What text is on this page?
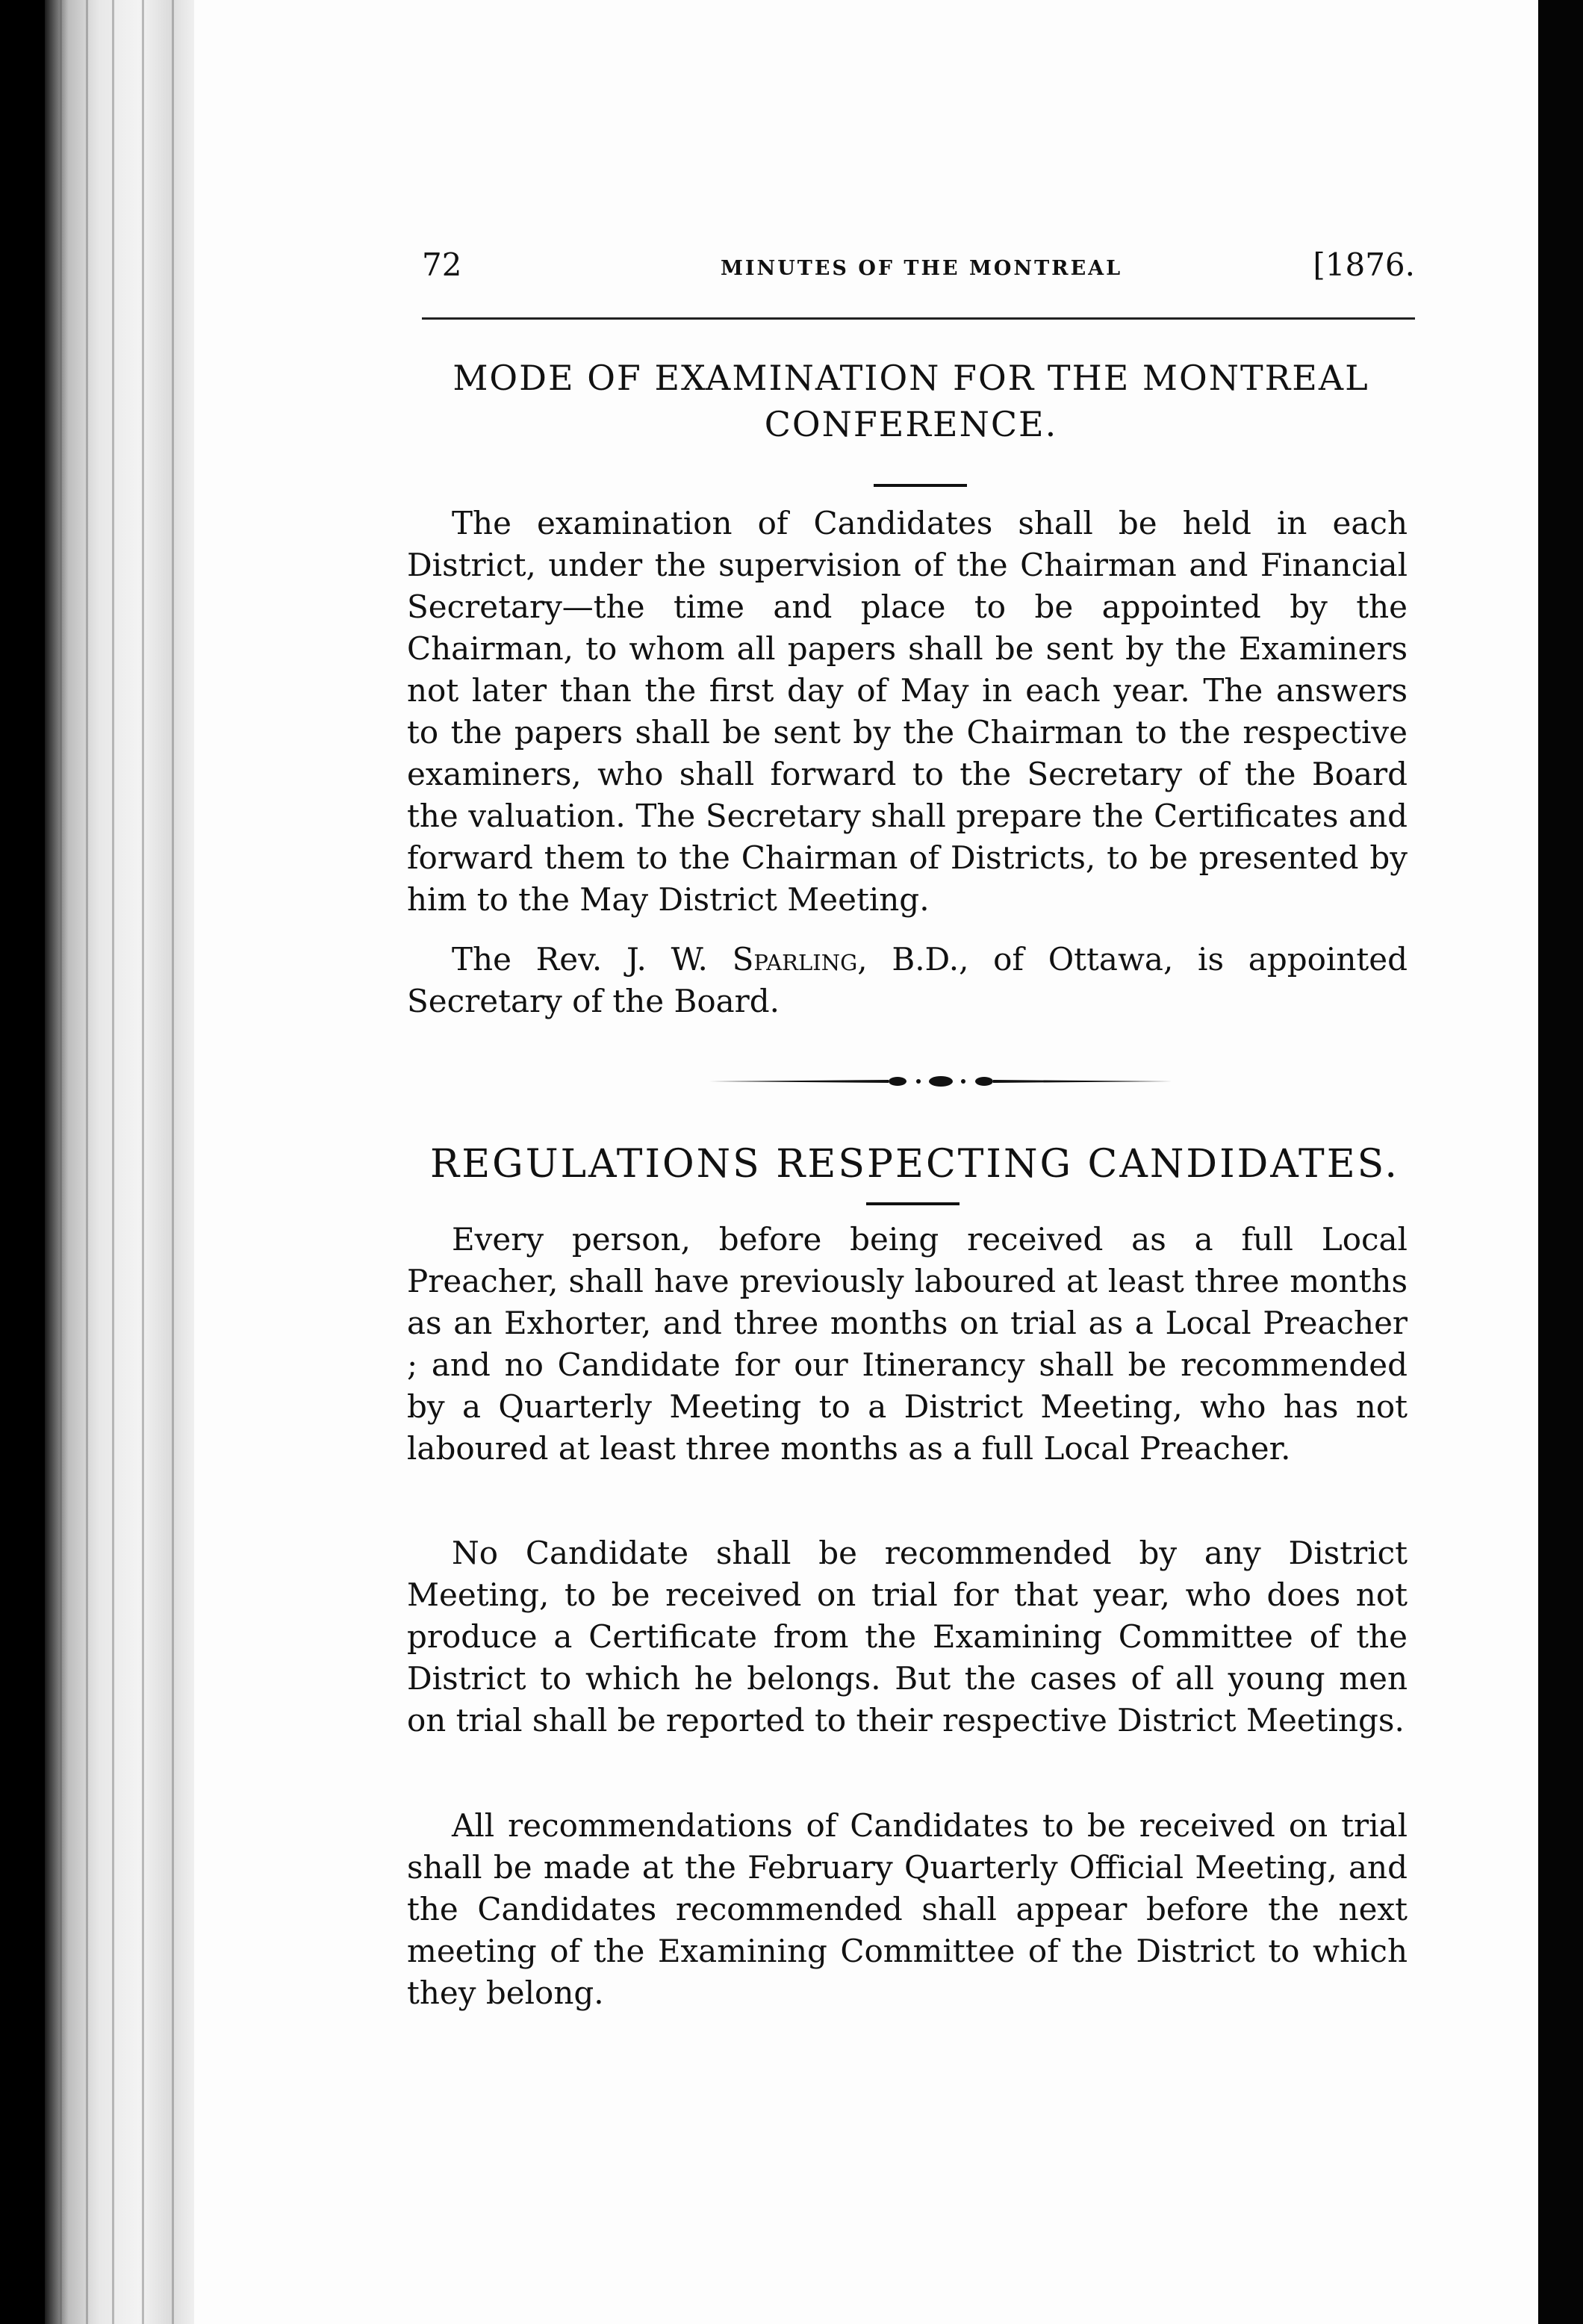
72	MINUTES OF THE MONTREAL	[1876.

MODE OF EXAMINATION FOR THE MONTREAL

CONFERENCE.

The examination of Candidates shall be held in each District, under the supervision of the Chairman and Financial Secretary—the time and place to be appointed by the Chairman, to whom all papers shall be sent by the Examiners not later than the first day of May in each year. The answers to the papers shall be sent by the Chairman to the respective examiners, who shall forward to the Secretary of the Board the valuation. The Secretary shall prepare the Certificates and forward them to the Chairman of Districts, to be presented by him to the May District Meeting.

The Rev. J. W. Sparling, B.D., of Ottawa, is appointed Secretary of the Board.

REGULATIONS RESPECTING CANDIDATES.

Every person, before being received as a full Local Preacher, shall have previously laboured at least three months as an Exhorter, and three months on trial as a Local Preacher ; and no Candidate for our Itinerancy shall be recommended by a Quarterly Meeting to a District Meeting, who has not laboured at least three months as a full Local Preacher.

No Candidate shall be recommended by any District Meeting, to be received on trial for that year, who does not produce a Certificate from the Examining Committee of the District to which he belongs. But the cases of all young men on trial shall be reported to their respective District Meetings.

All recommendations of Candidates to be received on trial shall be made at the February Quarterly Official Meeting, and the Candidates recommended shall appear before the next meeting of the Examining Committee of the District to which they belong.
